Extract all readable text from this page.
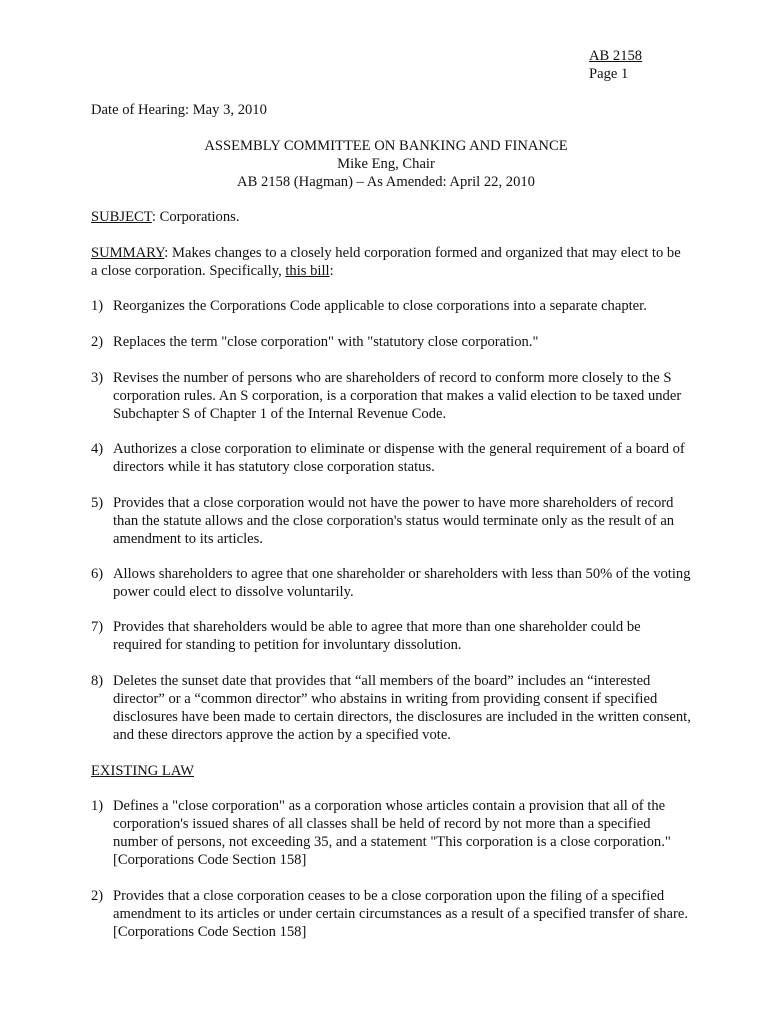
AB 2158
Page 1
Date of Hearing: May 3, 2010
ASSEMBLY COMMITTEE ON BANKING AND FINANCE
Mike Eng, Chair
AB 2158 (Hagman) – As Amended: April 22, 2010
SUBJECT: Corporations.
SUMMARY: Makes changes to a closely held corporation formed and organized that may elect to be a close corporation. Specifically, this bill:
1) Reorganizes the Corporations Code applicable to close corporations into a separate chapter.
2) Replaces the term "close corporation" with "statutory close corporation."
3) Revises the number of persons who are shareholders of record to conform more closely to the S corporation rules. An S corporation, is a corporation that makes a valid election to be taxed under Subchapter S of Chapter 1 of the Internal Revenue Code.
4) Authorizes a close corporation to eliminate or dispense with the general requirement of a board of directors while it has statutory close corporation status.
5) Provides that a close corporation would not have the power to have more shareholders of record than the statute allows and the close corporation's status would terminate only as the result of an amendment to its articles.
6) Allows shareholders to agree that one shareholder or shareholders with less than 50% of the voting power could elect to dissolve voluntarily.
7) Provides that shareholders would be able to agree that more than one shareholder could be required for standing to petition for involuntary dissolution.
8) Deletes the sunset date that provides that “all members of the board” includes an “interested director” or a “common director” who abstains in writing from providing consent if specified disclosures have been made to certain directors, the disclosures are included in the written consent, and these directors approve the action by a specified vote.
EXISTING LAW
1) Defines a "close corporation" as a corporation whose articles contain a provision that all of the corporation's issued shares of all classes shall be held of record by not more than a specified number of persons, not exceeding 35, and a statement "This corporation is a close corporation." [Corporations Code Section 158]
2) Provides that a close corporation ceases to be a close corporation upon the filing of a specified amendment to its articles or under certain circumstances as a result of a specified transfer of share. [Corporations Code Section 158]
